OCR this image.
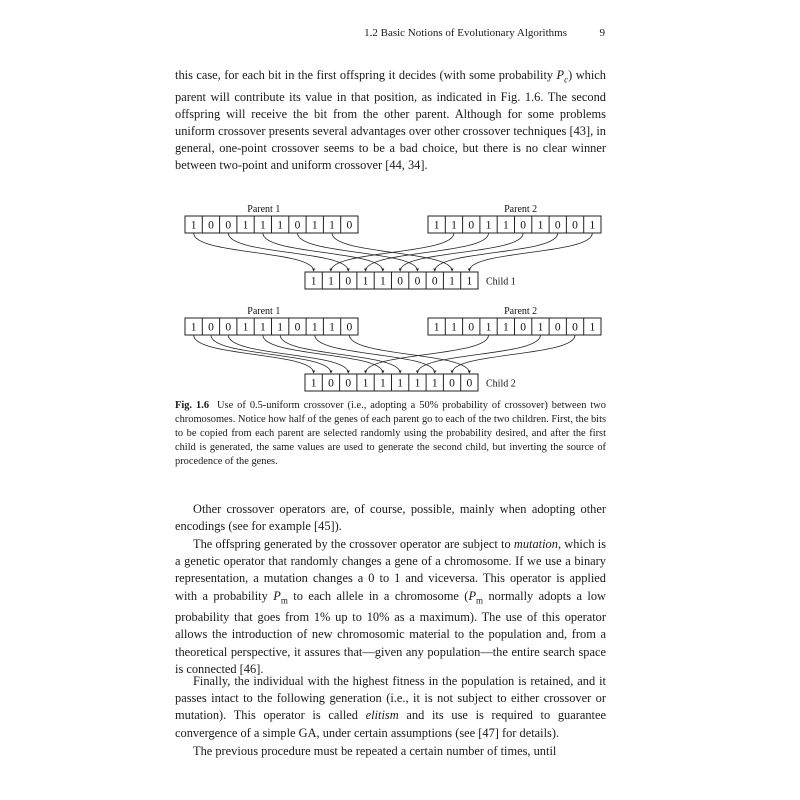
1.2 Basic Notions of Evolutionary Algorithms	9

this case, for each bit in the first offspring it decides (with some probability $P_c$) which parent will contribute its value in that position, as indicated in Fig. 1.6. The second offspring will receive the bit from the other parent. Although for some problems uniform crossover presents several advantages over other crossover techniques [43], in general, one-point crossover seems to be a bad choice, but there is no clear winner between two-point and uniform crossover [44, 34].

Parent 1	Parent 2
1 0 0 1 1 1 0 1 1 0	1 1 0 1 1 0 1 0 0 1
1 1 0 1 1 0 0 0 1 1 Child 1
Parent 1	Parent 2
1 0 0 1 1 1 0 1 1 0	1 1 0 1 1 0 1 0 0 1
1 0 0 1 1 1 1 1 0 0 Child 2

Fig. 1.6 Use of 0.5-uniform crossover (i.e., adopting a 50% probability of crossover) between two chromosomes. Notice how half of the genes of each parent go to each of the two children. First, the bits to be copied from each parent are selected randomly using the probability desired, and after the first child is generated, the same values are used to generate the second child, but inverting the source of procedence of the genes.

Other crossover operators are, of course, possible, mainly when adopting other encodings (see for example [45]).

The offspring generated by the crossover operator are subject to mutation, which is a genetic operator that randomly changes a gene of a chromosome. If we use a binary representation, a mutation changes a 0 to 1 and viceversa. This operator is applied with a probability $P_m$ to each allele in a chromosome ($P_m$ normally adopts a low probability that goes from 1% up to 10% as a maximum). The use of this operator allows the introduction of new chromosomic material to the population and, from a theoretical perspective, it assures that—given any population—the entire search space is connected [46].

Finally, the individual with the highest fitness in the population is retained, and it passes intact to the following generation (i.e., it is not subject to either crossover or mutation). This operator is called elitism and its use is required to guarantee convergence of a simple GA, under certain assumptions (see [47] for details).

The previous procedure must be repeated a certain number of times, until
